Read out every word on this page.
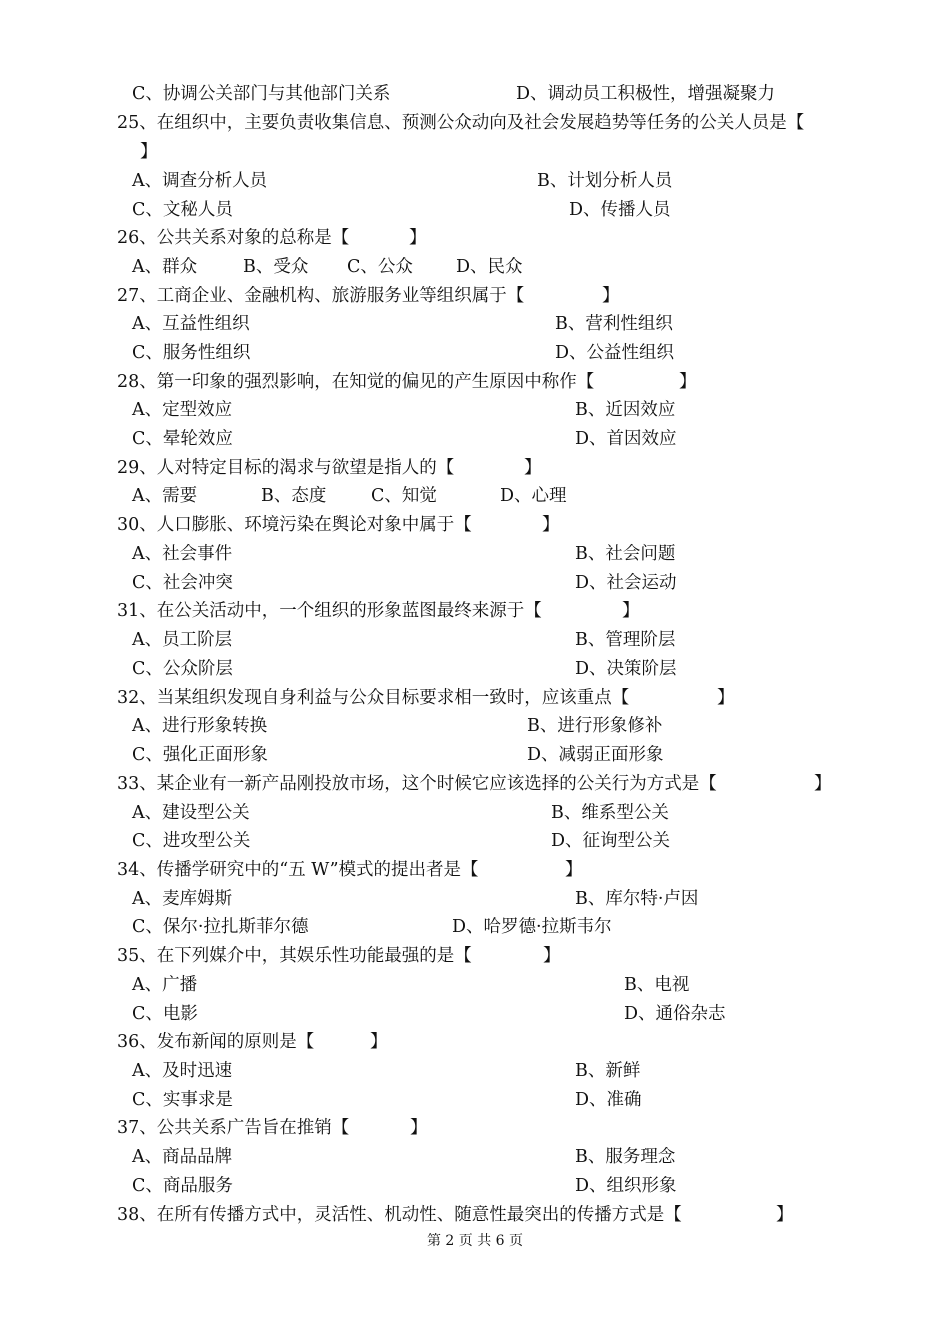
C、协调公关部门与其他部门关系	D、调动员工积极性，增强凝聚力
25、在组织中，主要负责收集信息、预测公众动向及社会发展趋势等任务的公关人员是【
】
A、调查分析人员	B、计划分析人员
C、文秘人员	D、传播人员
26、公共关系对象的总称是【	】
A、群众	B、受众 C、公众 D、民众
27、工商企业、金融机构、旅游服务业等组织属于【	】
A、互益性组织	B、营利性组织
C、服务性组织	D、公益性组织
28、第一印象的强烈影响，在知觉的偏见的产生原因中称作【	】
A、定型效应	B、近因效应
C、晕轮效应	D、首因效应
29、人对特定目标的渴求与欲望是指人的【	】
A、需要	B、态度	C、知觉	D、心理
30、人口膨胀、环境污染在舆论对象中属于【	】
A、社会事件	B、社会问题
C、社会冲突	D、社会运动
31、在公关活动中，一个组织的形象蓝图最终来源于【	】
A、员工阶层	B、管理阶层
C、公众阶层	D、决策阶层
32、当某组织发现自身利益与公众目标要求相一致时，应该重点【	】
A、进行形象转换	B、进行形象修补
C、强化正面形象	D、减弱正面形象
33、某企业有一新产品刚投放市场，这个时候它应该选择的公关行为方式是【	】
A、建设型公关	B、维系型公关
C、进攻型公关	D、征询型公关
34、传播学研究中的“五 W”模式的提出者是【	】
A、麦库姆斯	B、库尔特·卢因
C、保尔·拉扎斯菲尔德	D、哈罗德·拉斯韦尔
35、在下列媒介中，其娱乐性功能最强的是【	】
A、广播	B、电视
C、电影	D、通俗杂志
36、发布新闻的原则是【	】
A、及时迅速	B、新鲜
C、实事求是	D、准确
37、公共关系广告旨在推销【	】
A、商品品牌	B、服务理念
C、商品服务	D、组织形象
38、在所有传播方式中，灵活性、机动性、随意性最突出的传播方式是【	】
第 2 页 共 6 页
